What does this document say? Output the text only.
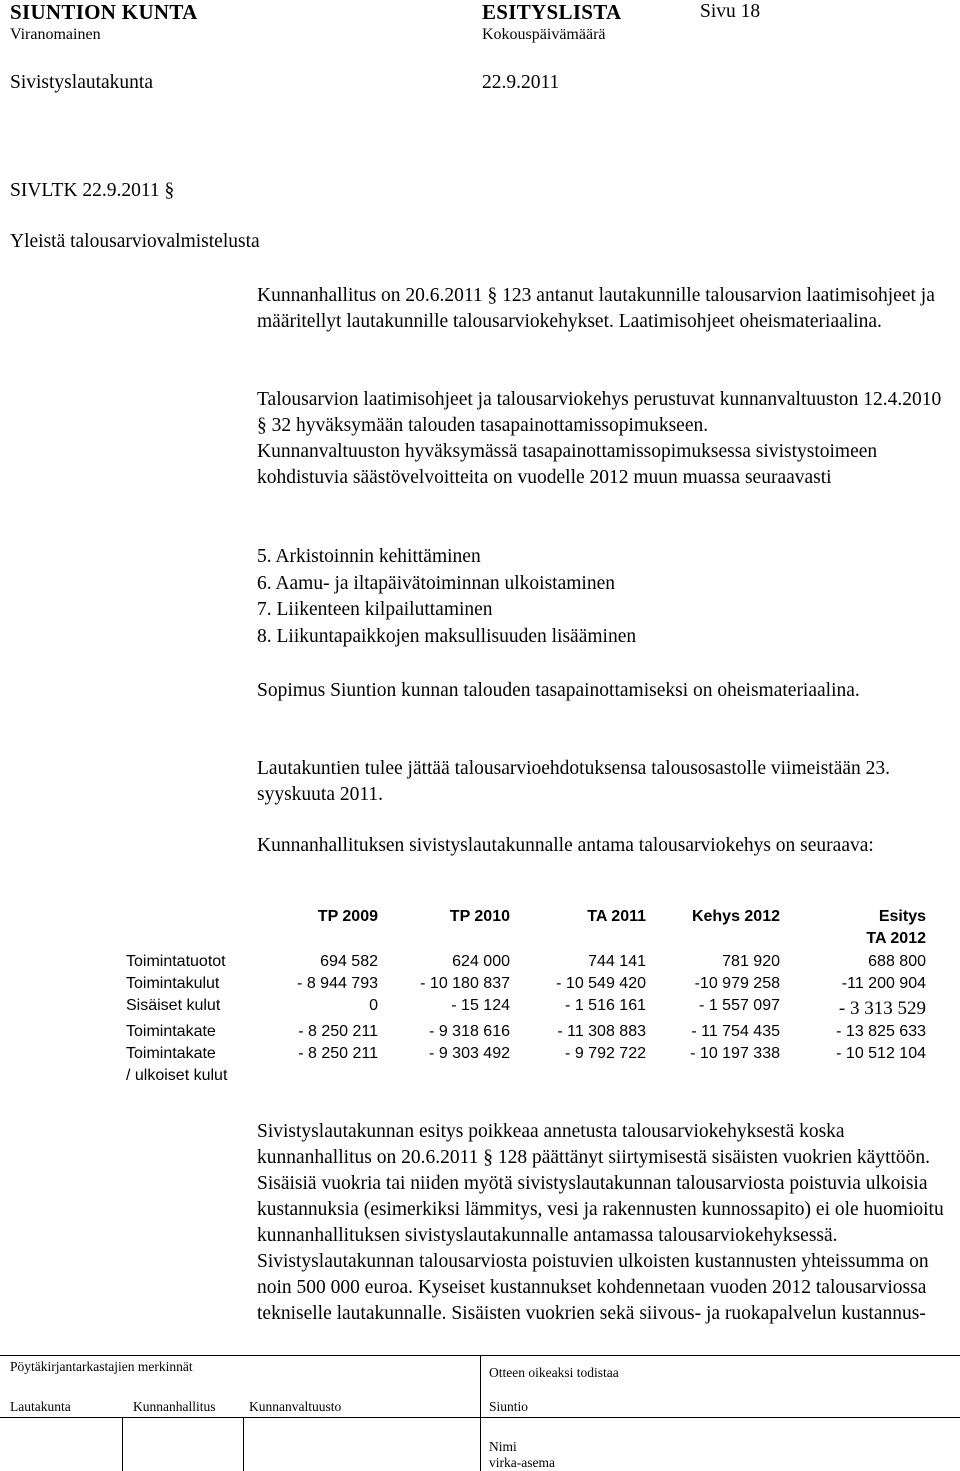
SIUNTION KUNTA	ESITYSLISTA	Sivu 18
Viranomainen	Kokouspäivämäärä
Sivistyslautakunta	22.9.2011
SIVLTK 22.9.2011 §
Yleistä talousarviovalmistelusta

Kunnanhallitus on 20.6.2011 § 123 antanut lautakunnille talousarvion laatimisohjeet ja määritellyt lautakunnille talousarviokehykset. Laatimisohjeet oheismateriaalina.

Talousarvion laatimisohjeet ja talousarviokehys perustuvat kunnanvaltuuston 12.4.2010 § 32 hyväksymään talouden tasapainottamissopimukseen.

Kunnanvaltuuston hyväksymässä tasapainottamissopimuksessa sivistystoimeen kohdistuvia säästövelvoitteita on vuodelle 2012 muun muassa seuraavasti

5. Arkistoinnin kehittäminen
6. Aamu- ja iltapäivätoiminnan ulkoistaminen
7. Liikenteen kilpailuttaminen
8. Liikuntapaikkojen maksullisuuden lisääminen

Sopimus Siuntion kunnan talouden tasapainottamiseksi on oheismateriaalina.

Lautakuntien tulee jättää talousarvioehdotuksensa talousosastolle viimeistään 23. syyskuuta 2011.

Kunnanhallituksen sivistyslautakunnalle antama talousarviokehys on seuraava:

TP 2009	TP 2010	TA 2011	Kehys 2012	Esitys
TA 2012
Toimintatuotot	694 582	624 000	744 141	781 920	688 800
Toimintakulut	- 8 944 793	- 10 180 837	- 10 549 420	-10 979 258	-11 200 904
Sisäiset kulut	0	- 15 124	- 1 516 161	- 1 557 097	- 3 313 529
Toimintakate	- 8 250 211	- 9 318 616	- 11 308 883	- 11 754 435	- 13 825 633
Toimintakate	- 8 250 211	- 9 303 492	- 9 792 722	- 10 197 338	- 10 512 104
/ ulkoiset kulut

Sivistyslautakunnan esitys poikkeaa annetusta talousarviokehyksestä koska kunnanhallitus on 20.6.2011 § 128 päättänyt siirtymisestä sisäisten vuokrien käyttöön. Sisäisiä vuokria tai niiden myötä sivistyslautakunnan talousarviosta poistuvia ulkoisia kustannuksia (esimerkiksi lämmitys, vesi ja rakennusten kunnossapito) ei ole huomioitu kunnanhallituksen sivistyslautakunnalle antamassa talousarviokehyksessä. Sivistyslautakunnan talousarviosta poistuvien ulkoisten kustannusten yhteissumma on noin 500 000 euroa. Kyseiset kustannukset kohdennetaan vuoden 2012 talousarviossa tekniselle lautakunnalle. Sisäisten vuokrien sekä siivous- ja ruokapalvelun kustannus-

Pöytäkirjantarkastajien merkinnät	Otteen oikeaksi todistaa
Lautakunta	Kunnanhallitus Kunnanvaltuusto	Siuntio
Nimi
virka-asema
